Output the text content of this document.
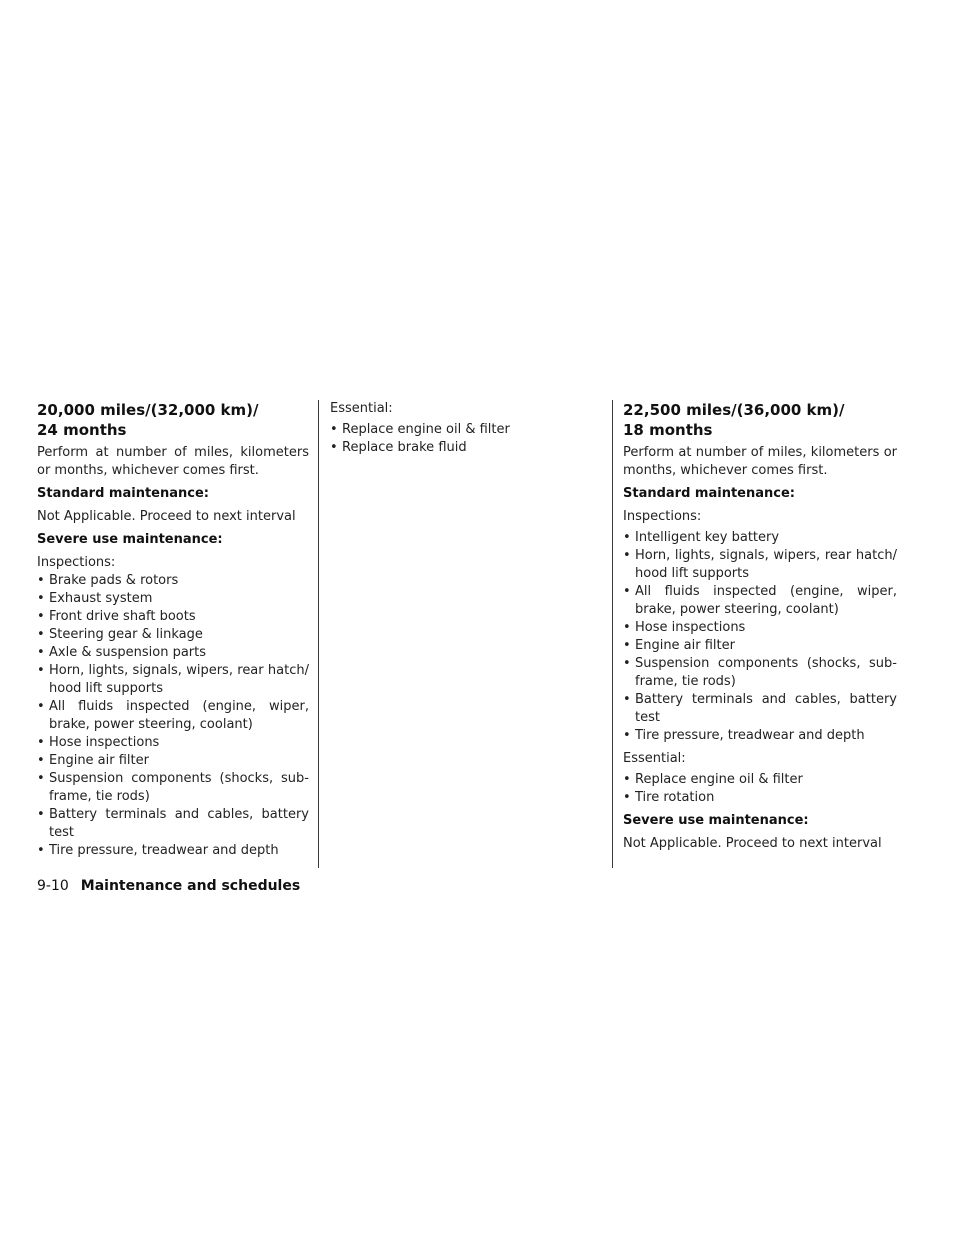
20,000 miles/(32,000 km)/
24 months

Perform at number of miles, kilometers or months, whichever comes first.

Standard maintenance:

Not Applicable. Proceed to next interval

Severe use maintenance:

Inspections:

• Brake pads & rotors
• Exhaust system
• Front drive shaft boots
• Steering gear & linkage
• Axle & suspension parts
• Horn, lights, signals, wipers, rear hatch/ hood lift supports
• All fluids inspected (engine, wiper, brake, power steering, coolant)
• Hose inspections
• Engine air filter
• Suspension components (shocks, sub-frame, tie rods)
• Battery terminals and cables, battery test
• Tire pressure, treadwear and depth

Essential:

• Replace engine oil & filter
• Replace brake fluid
22,500 miles/(36,000 km)/
18 months

Perform at number of miles, kilometers or months, whichever comes first.

Standard maintenance:

Inspections:

• Intelligent key battery
• Horn, lights, signals, wipers, rear hatch/ hood lift supports
• All fluids inspected (engine, wiper, brake, power steering, coolant)
• Hose inspections
• Engine air filter
• Suspension components (shocks, sub-frame, tie rods)
• Battery terminals and cables, battery test
• Tire pressure, treadwear and depth

Essential:

• Replace engine oil & filter
• Tire rotation

Severe use maintenance:

Not Applicable. Proceed to next interval

9-10 Maintenance and schedules
